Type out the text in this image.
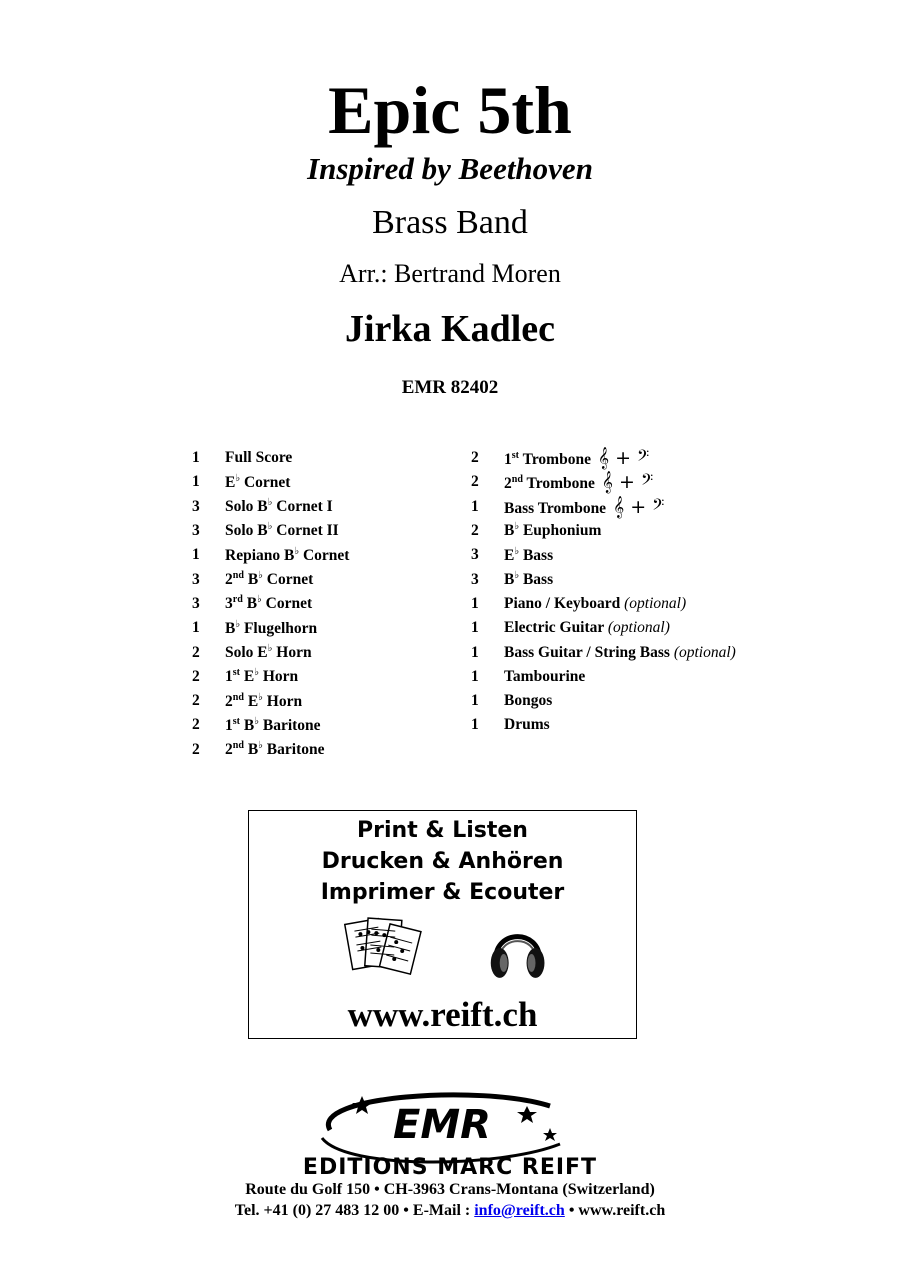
Epic 5th
Inspired by Beethoven
Brass Band
Arr.: Bertrand Moren
Jirka Kadlec
EMR 82402
1	Full Score
1	E♭ Cornet
3	Solo B♭ Cornet I
3	Solo B♭ Cornet II
1	Repiano B♭ Cornet
3	2nd B♭ Cornet
3	3rd B♭ Cornet
1	B♭ Flugelhorn
2	Solo E♭ Horn
2	1st E♭ Horn
2	2nd E♭ Horn
2	1st B♭ Baritone
2	2nd B♭ Baritone
2	1st Trombone 𝄞 + 𝄢
2	2nd Trombone 𝄞 + 𝄢
1	Bass Trombone 𝄞 + 𝄢
2	B♭ Euphonium
3	E♭ Bass
3	B♭ Bass
1	Piano / Keyboard (optional)
1	Electric Guitar (optional)
1	Bass Guitar / String Bass (optional)
1	Tambourine
1	Bongos
1	Drums
Print & Listen
Drucken & Anhören
Imprimer & Ecouter
www.reift.ch
EMR
EDITIONS MARC REIFT
Route du Golf 150 • CH-3963 Crans-Montana (Switzerland)
Tel. +41 (0) 27 483 12 00 • E-Mail : info@reift.ch • www.reift.ch
